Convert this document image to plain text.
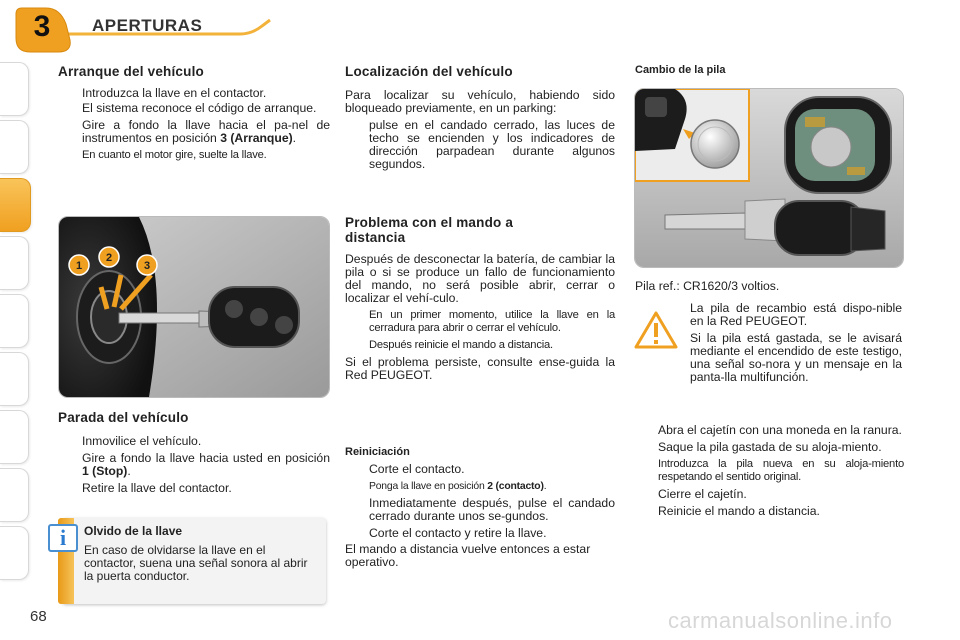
3	APERTURAS
Arranque del vehículo
Introduzca la llave en el contactor.

El sistema reconoce el código de arranque.

Gire a fondo la llave hacia el pa-nel de instrumentos en posición 3 (Arranque).
En cuanto el motor gire, suelte la llave.
1
2
3
Parada del vehículo
Inmovilice el vehículo.
Gire a fondo la llave hacia usted en posición 1 (Stop).
Retire la llave del contactor.
i	Olvido de la llave

En caso de olvidarse la llave en el contactor, suena una señal sonora al abrir la puerta conductor.

68
Localización del vehículo

Para localizar su vehículo, habiendo sido bloqueado previamente, en un parking:

pulse en el candado cerrado, las luces de techo se encienden y los indicadores de dirección parpadean durante algunos segundos.
Problema con el mando a distancia

Después de desconectar la batería, de cambiar la pila o si se produce un fallo de funcionamiento del mando, no será posible abrir, cerrar o localizar el vehí-culo.

En un primer momento, utilice la llave en la cerradura para abrir o cerrar el vehículo.
Después reinicie el mando a distancia.

Si el problema persiste, consulte ense-guida la Red PEUGEOT.

Reiniciación
Corte el contacto.
Ponga la llave en posición 2 (contacto).
Inmediatamente después, pulse el candado cerrado durante unos se-gundos.
Corte el contacto y retire la llave.

El mando a distancia vuelve entonces a estar operativo.

Cambio de la pila
Pila ref.: CR1620/3 voltios.

La pila de recambio está dispo-nible en la Red PEUGEOT.

Si la pila está gastada, se le avisará mediante el encendido de este testigo, una señal so-nora y un mensaje en la panta-lla multifunción.

Abra el cajetín con una moneda en la ranura.
Saque la pila gastada de su aloja-miento.
Introduzca la pila nueva en su aloja-miento respetando el sentido original.
Cierre el cajetín.
Reinicie el mando a distancia.
carmanualsonline.info
